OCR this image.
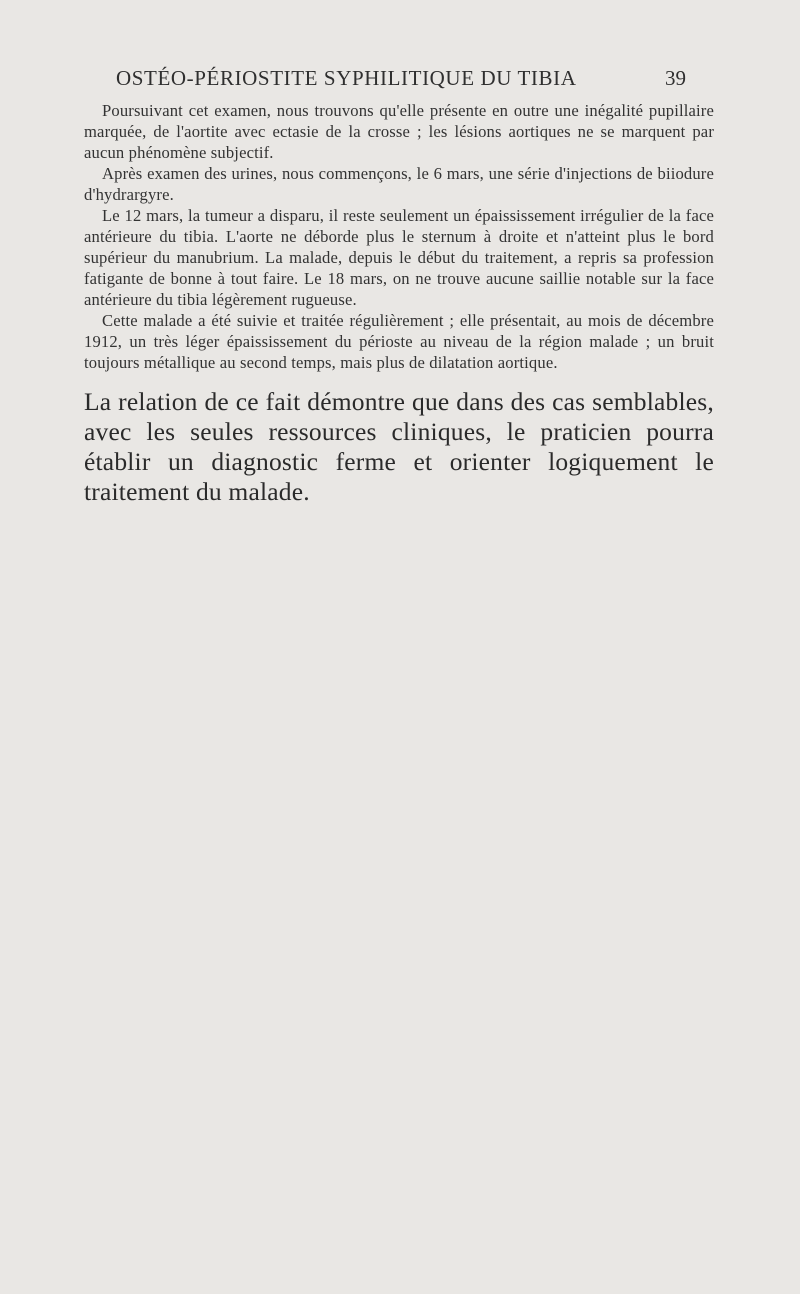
OSTÉO-PÉRIOSTITE SYPHILITIQUE DU TIBIA	39

Poursuivant cet examen, nous trouvons qu'elle présente en outre une inégalité pupillaire marquée, de l'aortite avec ectasie de la crosse ; les lésions aortiques ne se marquent par aucun phénomène subjectif.

Après examen des urines, nous commençons, le 6 mars, une série d'injections de biiodure d'hydrargyre.

Le 12 mars, la tumeur a disparu, il reste seulement un épaississement irrégulier de la face antérieure du tibia. L'aorte ne déborde plus le sternum à droite et n'atteint plus le bord supérieur du manubrium. La malade, depuis le début du traitement, a repris sa profession fatigante de bonne à tout faire. Le 18 mars, on ne trouve aucune saillie notable sur la face antérieure du tibia légèrement rugueuse.

Cette malade a été suivie et traitée régulièrement ; elle présentait, au mois de décembre 1912, un très léger épaississement du périoste au niveau de la région malade ; un bruit toujours métallique au second temps, mais plus de dilatation aortique.

La relation de ce fait démontre que dans des cas semblables, avec les seules ressources cliniques, le praticien pourra établir un diagnostic ferme et orienter logiquement le traitement du malade.
